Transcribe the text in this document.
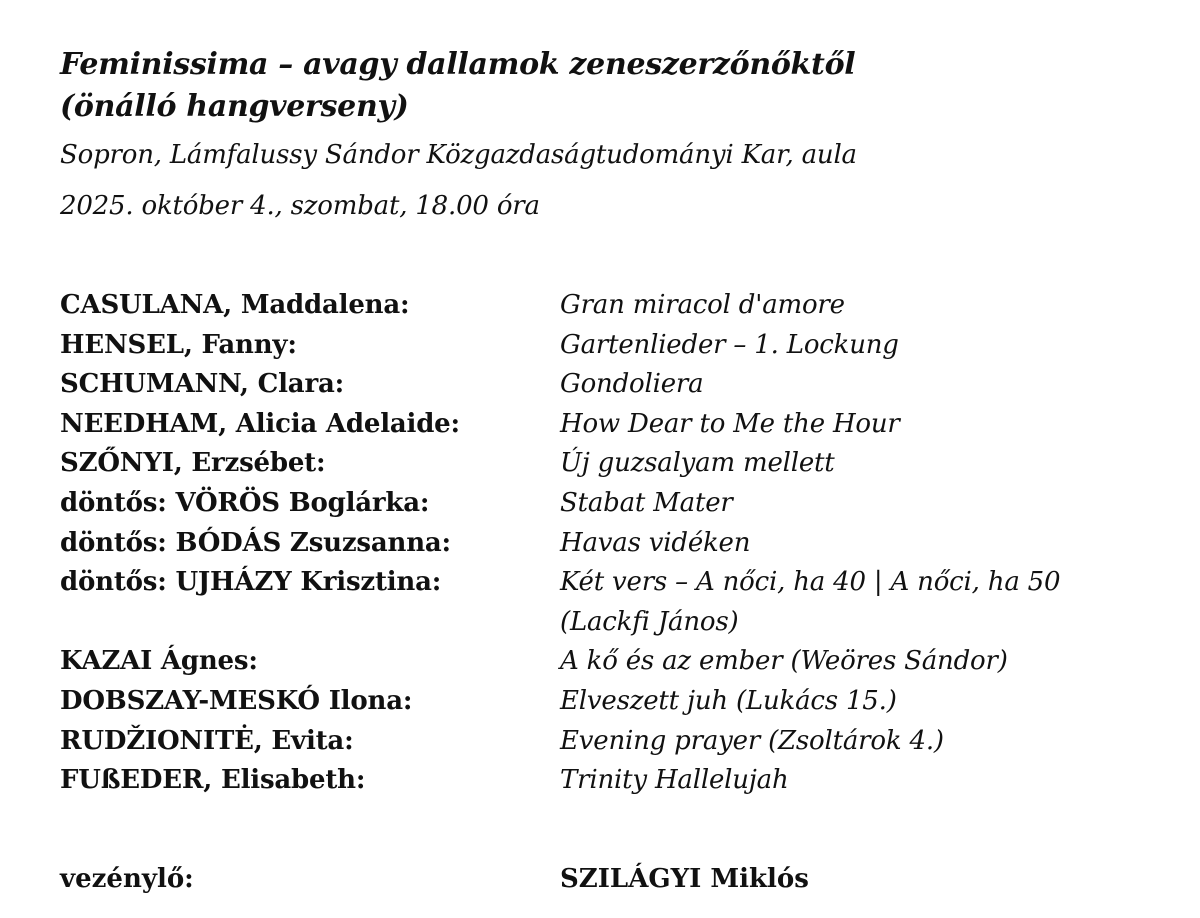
Feminissima – avagy dallamok zeneszerzőnőktől
(önálló hangverseny)
Sopron, Lámfalussy Sándor Közgazdaságtudományi Kar, aula
2025. október 4., szombat, 18.00 óra
CASULANA, Maddalena:	Gran miracol d'amore
HENSEL, Fanny:	Gartenlieder – 1. Lockung
SCHUMANN, Clara:	Gondoliera
NEEDHAM, Alicia Adelaide:	How Dear to Me the Hour
SZŐNYI, Erzsébet:	Új guzsalyam mellett
döntős: VÖRÖS Boglárka:	Stabat Mater
döntős: BÓDÁS Zsuzsanna:	Havas vidéken
döntős: UJHÁZY Krisztina:	Két vers – A nőci, ha 40 | A nőci, ha 50
(Lackfi János)
KAZAI Ágnes:	A kő és az ember (Weöres Sándor)
DOBSZAY-MESKÓ Ilona:	Elveszett juh (Lukács 15.)
RUDŽIONITĖ, Evita:	Evening prayer (Zsoltárok 4.)
FUßEDER, Elisabeth:	Trinity Hallelujah
vezénylő:	SZILÁGYI Miklós
